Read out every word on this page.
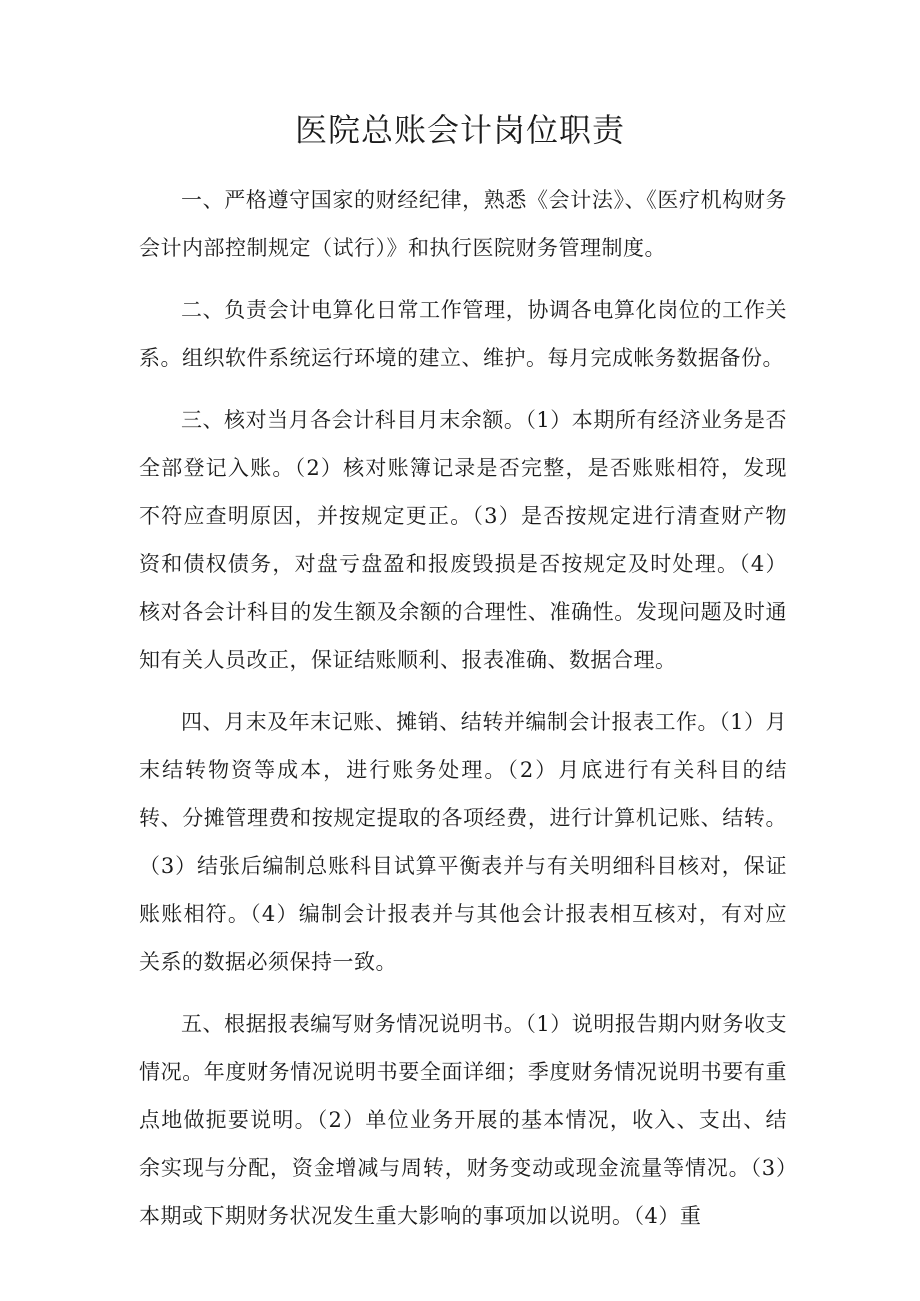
医院总账会计岗位职责

一、严格遵守国家的财经纪律，熟悉《会计法》、《医疗机构财务会计内部控制规定（试行）》和执行医院财务管理制度。

二、负责会计电算化日常工作管理，协调各电算化岗位的工作关系。组织软件系统运行环境的建立、维护。每月完成帐务数据备份。

三、核对当月各会计科目月末余额。（1）本期所有经济业务是否全部登记入账。（2）核对账簿记录是否完整，是否账账相符，发现不符应查明原因，并按规定更正。（3）是否按规定进行清查财产物资和债权债务，对盘亏盘盈和报废毁损是否按规定及时处理。（4）核对各会计科目的发生额及余额的合理性、准确性。发现问题及时通知有关人员改正，保证结账顺利、报表准确、数据合理。

四、月末及年末记账、摊销、结转并编制会计报表工作。（1）月末结转物资等成本，进行账务处理。（2）月底进行有关科目的结转、分摊管理费和按规定提取的各项经费，进行计算机记账、结转。（3）结张后编制总账科目试算平衡表并与有关明细科目核对，保证账账相符。（4）编制会计报表并与其他会计报表相互核对，有对应关系的数据必须保持一致。

五、根据报表编写财务情况说明书。（1）说明报告期内财务收支情况。年度财务情况说明书要全面详细；季度财务情况说明书要有重点地做扼要说明。（2）单位业务开展的基本情况，收入、支出、结余实现与分配，资金增减与周转，财务变动或现金流量等情况。（3）本期或下期财务状况发生重大影响的事项加以说明。（4）重
